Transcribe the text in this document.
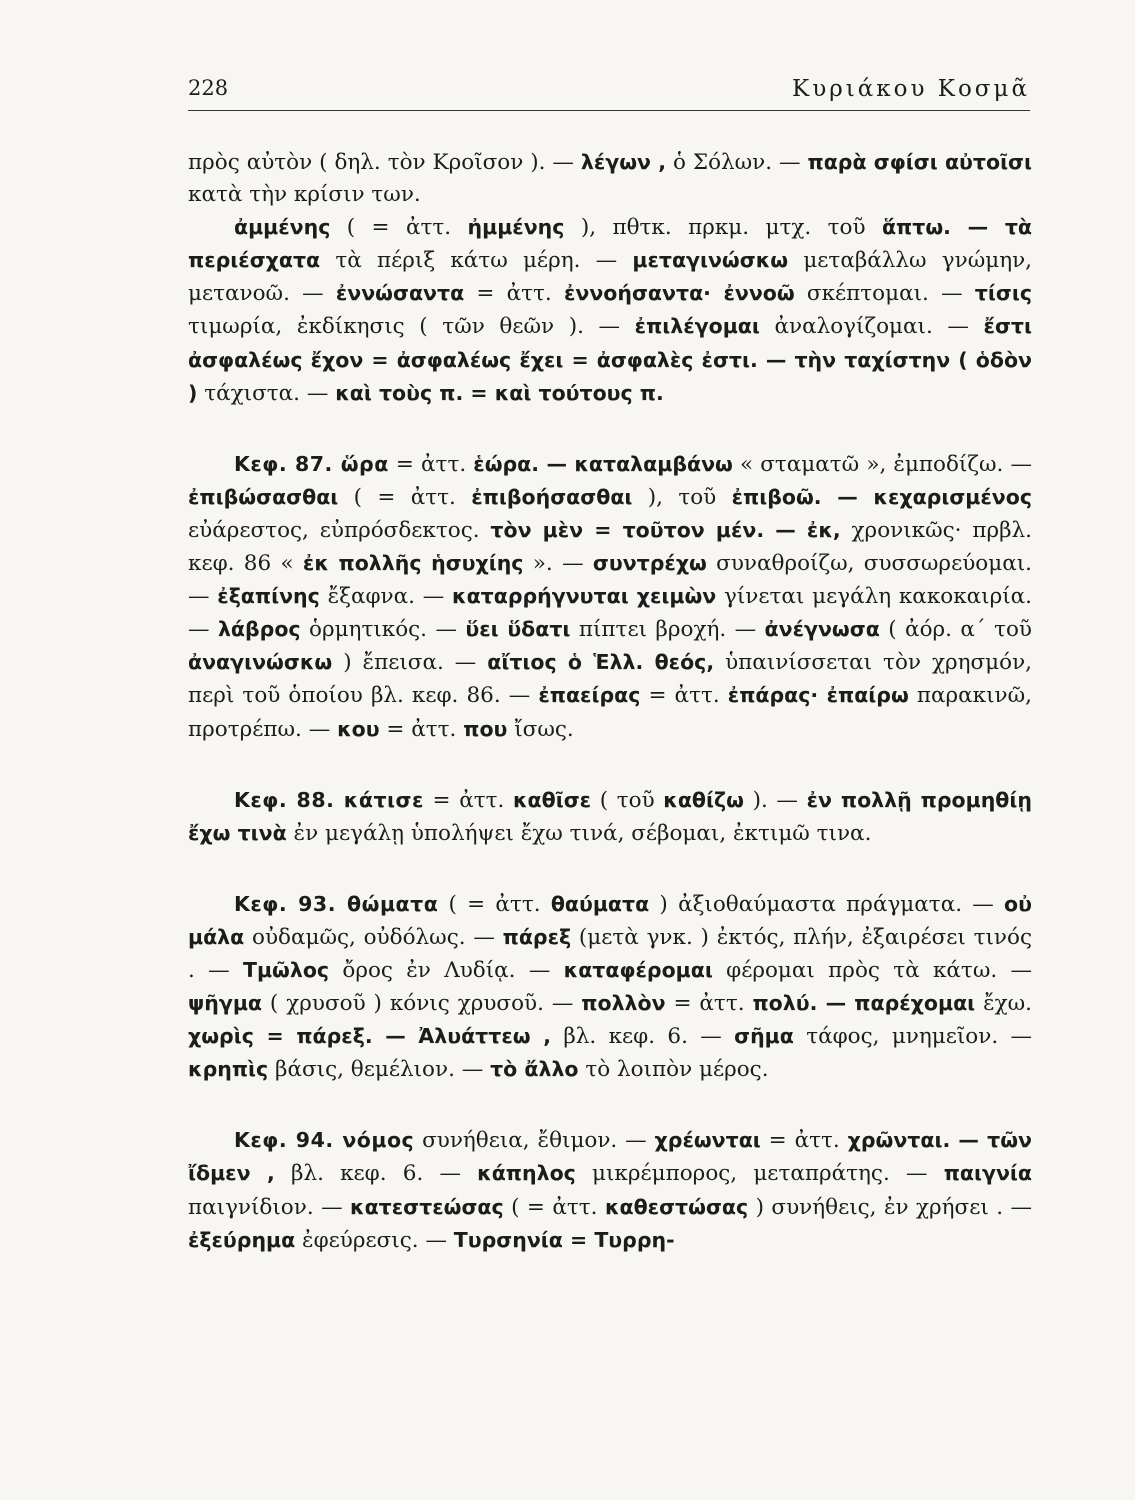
228	Κυριάκου Κοσμᾶ

πρὸς αὐτὸν ( δηλ. τὸν Κροῖσον ). — λέγων , ὁ Σόλων. — παρὰ σφίσι αὐτοῖσι κατὰ τὴν κρίσιν των.

ἀμμένης ( = ἀττ. ἠμμένης ), πθτκ. πρκμ. μτχ. τοῦ ἅπτω. — τὰ περιέσχατα τὰ πέριξ κάτω μέρη. — μεταγινώσκω μεταβάλλω γνώμην, μετανοῶ. — ἐννώσαντα = ἀττ. ἐννοήσαντα· ἐννοῶ σκέπτομαι. — τίσις τιμωρία, ἐκδίκησις ( τῶν θεῶν ). — ἐπιλέγομαι ἀναλογίζομαι. — ἔστι ἀσφαλέως ἔχον = ἀσφαλέως ἔχει = ἀσφαλὲς ἐστι. — τὴν ταχίστην ( ὁδὸν ) τάχιστα. — καὶ τοὺς π. = καὶ τούτους π.

Κεφ. 87. ὥρα = ἀττ. ἑώρα. — καταλαμβάνω « σταματῶ », ἐμποδίζω. — ἐπιβώσασθαι ( = ἀττ. ἐπιβοήσασθαι ), τοῦ ἐπιβοῶ. — κεχαρισμένος εὐάρεστος, εὐπρόσδεκτος. τὸν μὲν = τοῦτον μέν. — ἐκ, χρονικῶς· πρβλ. κεφ. 86 « ἐκ πολλῆς ἡσυχίης ». — συντρέχω συναθροίζω, συσσωρεύομαι. — ἐξαπίνης ἔξαφνα. — καταρρήγνυται χειμὼν γίνεται μεγάλη κακοκαιρία. — λάβρος ὁρμητικός. — ὕει ὕδατι πίπτει βροχή. — ἀνέγνωσα ( ἀόρ. α΄ τοῦ ἀναγινώσκω ) ἔπεισα. — αἴτιος ὁ Ἑλλ. θεός, ὑπαινίσσεται τὸν χρησμόν, περὶ τοῦ ὁποίου βλ. κεφ. 86. — ἐπαείρας = ἀττ. ἐπάρας· ἐπαίρω παρακινῶ, προτρέπω. — κου = ἀττ. που ἴσως.

Κεφ. 88. κάτισε = ἀττ. καθῖσε ( τοῦ καθίζω ). — ἐν πολλῇ προμηθίῃ ἔχω τινὰ ἐν μεγάλῃ ὑπολήψει ἔχω τινά, σέβομαι, ἐκτιμῶ τινα.

Κεφ. 93. θώματα ( = ἀττ. θαύματα ) ἀξιοθαύμαστα πράγματα. — οὐ μάλα οὐδαμῶς, οὐδόλως. — πάρεξ (μετὰ γνκ. ) ἐκτός, πλήν, ἐξαιρέσει τινός . — Τμῶλος ὄρος ἐν Λυδίᾳ. — καταφέρομαι φέρομαι πρὸς τὰ κάτω. — ψῆγμα ( χρυσοῦ ) κόνις χρυσοῦ. — πολλὸν = ἀττ. πολύ. — παρέχομαι ἔχω. χωρὶς = πάρεξ. — Ἀλυάττεω , βλ. κεφ. 6. — σῆμα τάφος, μνημεῖον. — κρηπὶς βάσις, θεμέλιον. — τὸ ἄλλο τὸ λοιπὸν μέρος.

Κεφ. 94. νόμος συνήθεια, ἔθιμον. — χρέωνται = ἀττ. χρῶνται. — τῶν ἴδμεν , βλ. κεφ. 6. — κάπηλος μικρέμπορος, μεταπράτης. — παιγνία παιγνίδιον. — κατεστεώσας ( = ἀττ. καθεστώσας ) συνήθεις, ἐν χρήσει . — ἐξεύρημα ἐφεύρεσις. — Τυρσηνία = Τυρρη-
